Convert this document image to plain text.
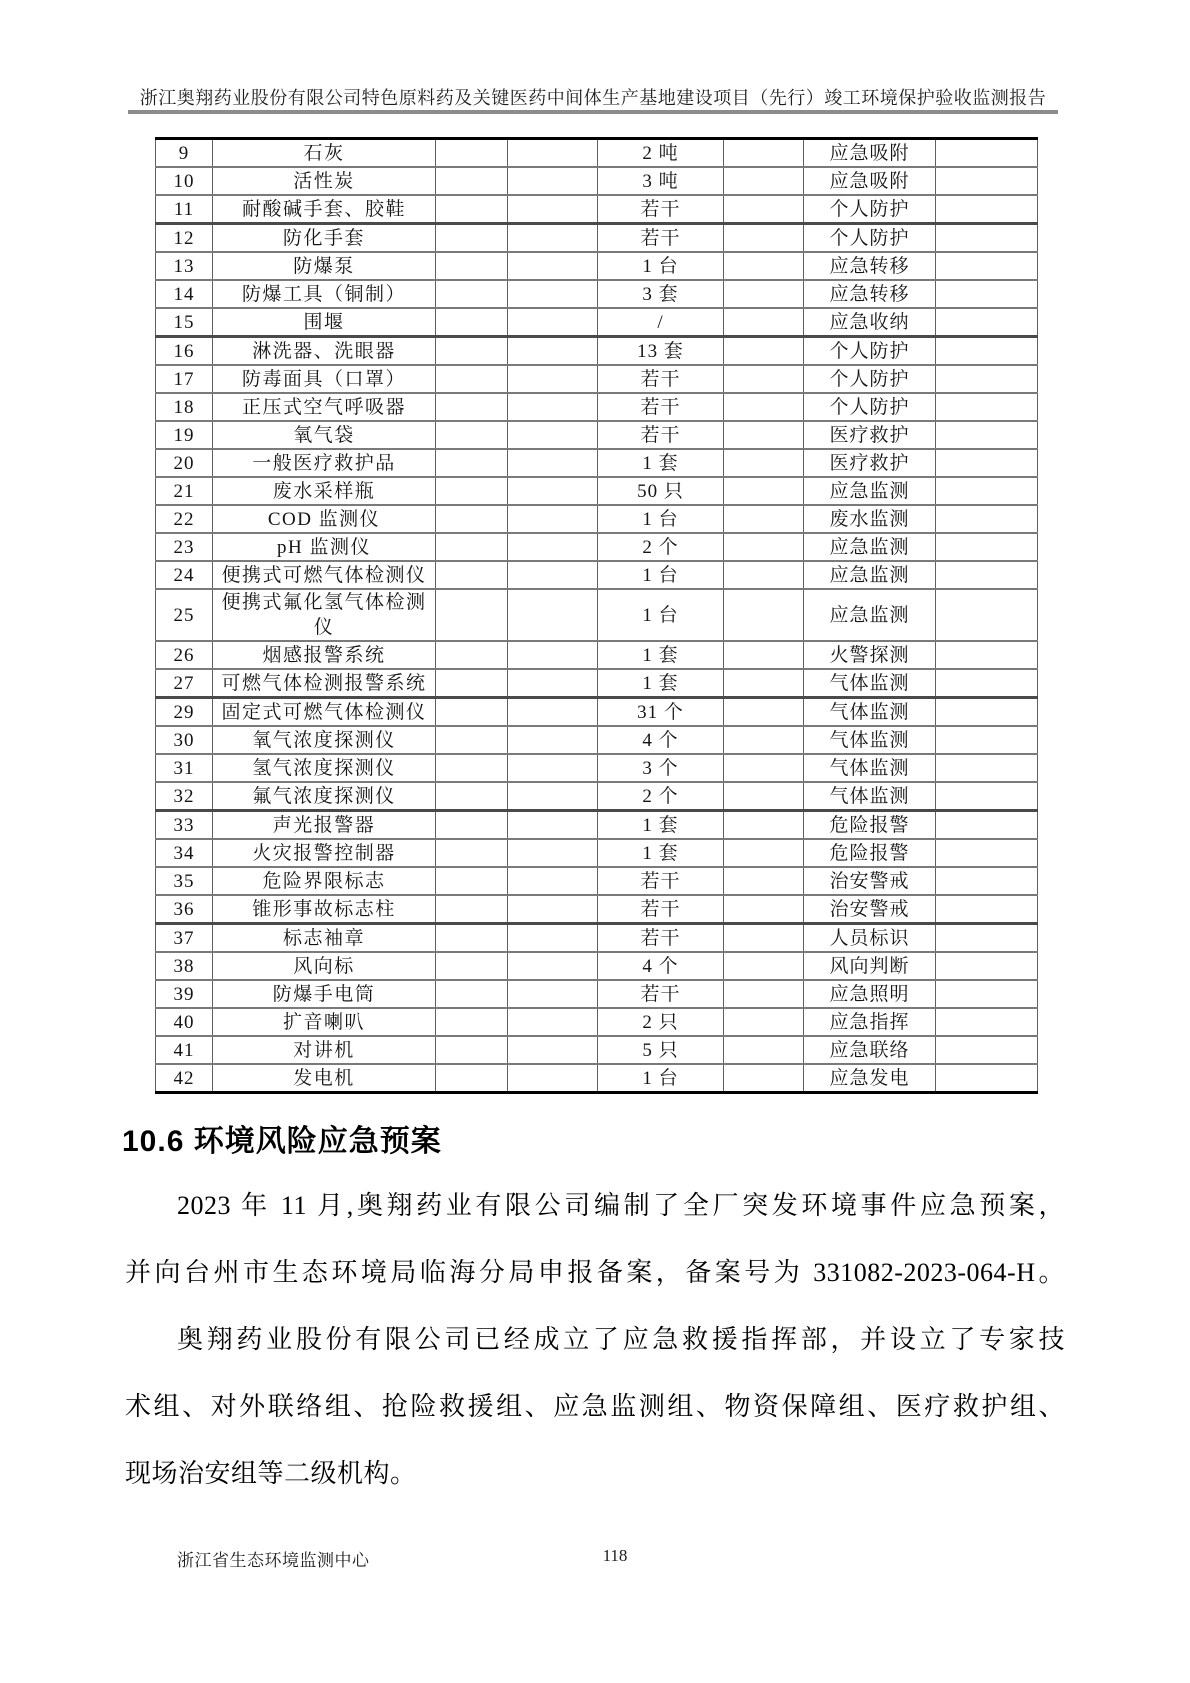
浙江奥翔药业股份有限公司特色原料药及关键医药中间体生产基地建设项目（先行）竣工环境保护验收监测报告
9	石灰			2 吨		应急吸附	
10	活性炭			3 吨		应急吸附	
11	耐酸碱手套、胶鞋			若干		个人防护	
12	防化手套			若干		个人防护	
13	防爆泵			1 台		应急转移	
14	防爆工具（铜制）			3 套		应急转移	
15	围堰			/		应急收纳	
16	淋洗器、洗眼器			13 套		个人防护	
17	防毒面具（口罩）			若干		个人防护	
18	正压式空气呼吸器			若干		个人防护	
19	氧气袋			若干		医疗救护	
20	一般医疗救护品			1 套		医疗救护	
21	废水采样瓶			50 只		应急监测	
22	COD 监测仪			1 台		废水监测	
23	pH 监测仪			2 个		应急监测	
24	便携式可燃气体检测仪			1 台		应急监测	
25	便携式氟化氢气体检测仪			1 台		应急监测	
26	烟感报警系统			1 套		火警探测	
27	可燃气体检测报警系统			1 套		气体监测	
29	固定式可燃气体检测仪			31 个		气体监测	
30	氧气浓度探测仪			4 个		气体监测	
31	氢气浓度探测仪			3 个		气体监测	
32	氟气浓度探测仪			2 个		气体监测	
33	声光报警器			1 套		危险报警	
34	火灾报警控制器			1 套		危险报警	
35	危险界限标志			若干		治安警戒	
36	锥形事故标志柱			若干		治安警戒	
37	标志袖章			若干		人员标识	
38	风向标			4 个		风向判断	
39	防爆手电筒			若干		应急照明	
40	扩音喇叭			2 只		应急指挥	
41	对讲机			5 只		应急联络	
42	发电机			1 台		应急发电	
10.6 环境风险应急预案
2023 年 11 月,奥翔药业有限公司编制了全厂突发环境事件应急预案，
并向台州市生态环境局临海分局申报备案，备案号为 331082-2023-064-H。
奥翔药业股份有限公司已经成立了应急救援指挥部，并设立了专家技
术组、对外联络组、抢险救援组、应急监测组、物资保障组、医疗救护组、
现场治安组等二级机构。
浙江省生态环境监测中心	118
